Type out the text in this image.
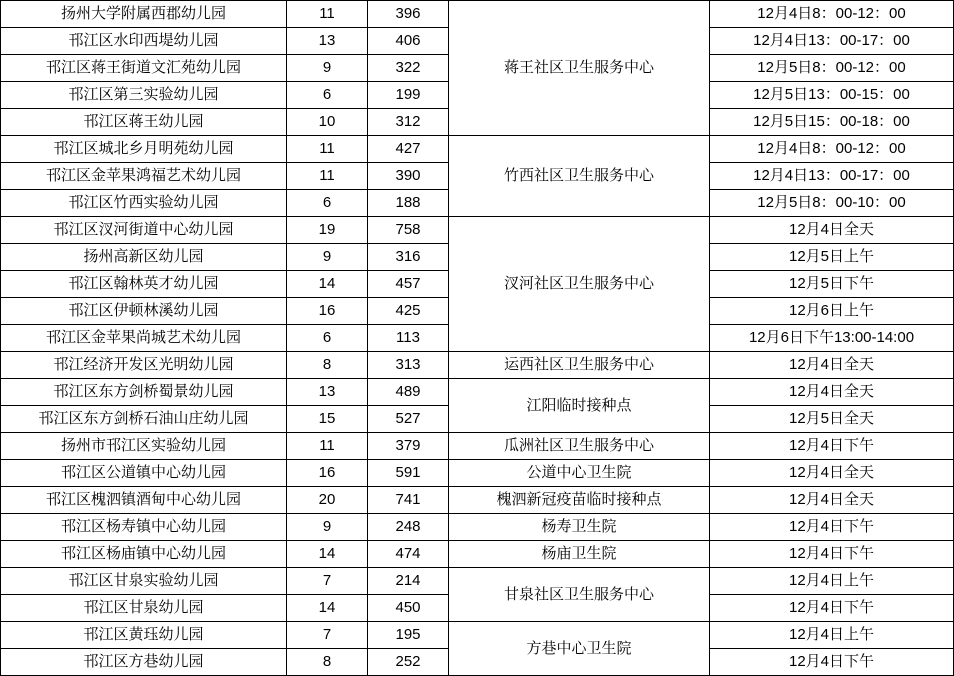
扬州大学附属西郡幼儿园	11	396	蒋王社区卫生服务中心	12月4日8：00-12：00
邗江区水印西堤幼儿园	13	406		12月4日13：00-17：00
邗江区蒋王街道文汇苑幼儿园	9	322		12月5日8：00-12：00
邗江区第三实验幼儿园	6	199		12月5日13：00-15：00
邗江区蒋王幼儿园	10	312		12月5日15：00-18：00
邗江区城北乡月明苑幼儿园	11	427	竹西社区卫生服务中心	12月4日8：00-12：00
邗江区金苹果鸿福艺术幼儿园	11	390		12月4日13：00-17：00
邗江区竹西实验幼儿园	6	188		12月5日8：00-10：00
邗江区汊河街道中心幼儿园	19	758	汊河社区卫生服务中心	12月4日全天
扬州高新区幼儿园	9	316		12月5日上午
邗江区翰林英才幼儿园	14	457		12月5日下午
邗江区伊顿林溪幼儿园	16	425		12月6日上午
邗江区金苹果尚城艺术幼儿园	6	113		12月6日下午13:00-14:00
邗江经济开发区光明幼儿园	8	313	运西社区卫生服务中心	12月4日全天
邗江区东方剑桥蜀景幼儿园	13	489	江阳临时接种点	12月4日全天
邗江区东方剑桥石油山庄幼儿园	15	527		12月5日全天
扬州市邗江区实验幼儿园	11	379	瓜洲社区卫生服务中心	12月4日下午
邗江区公道镇中心幼儿园	16	591	公道中心卫生院	12月4日全天
邗江区槐泗镇酒甸中心幼儿园	20	741	槐泗新冠疫苗临时接种点	12月4日全天
邗江区杨寿镇中心幼儿园	9	248	杨寿卫生院	12月4日下午
邗江区杨庙镇中心幼儿园	14	474	杨庙卫生院	12月4日下午
邗江区甘泉实验幼儿园	7	214	甘泉社区卫生服务中心	12月4日上午
邗江区甘泉幼儿园	14	450		12月4日下午
邗江区黄珏幼儿园	7	195	方巷中心卫生院	12月4日上午
邗江区方巷幼儿园	8	252		12月4日下午
